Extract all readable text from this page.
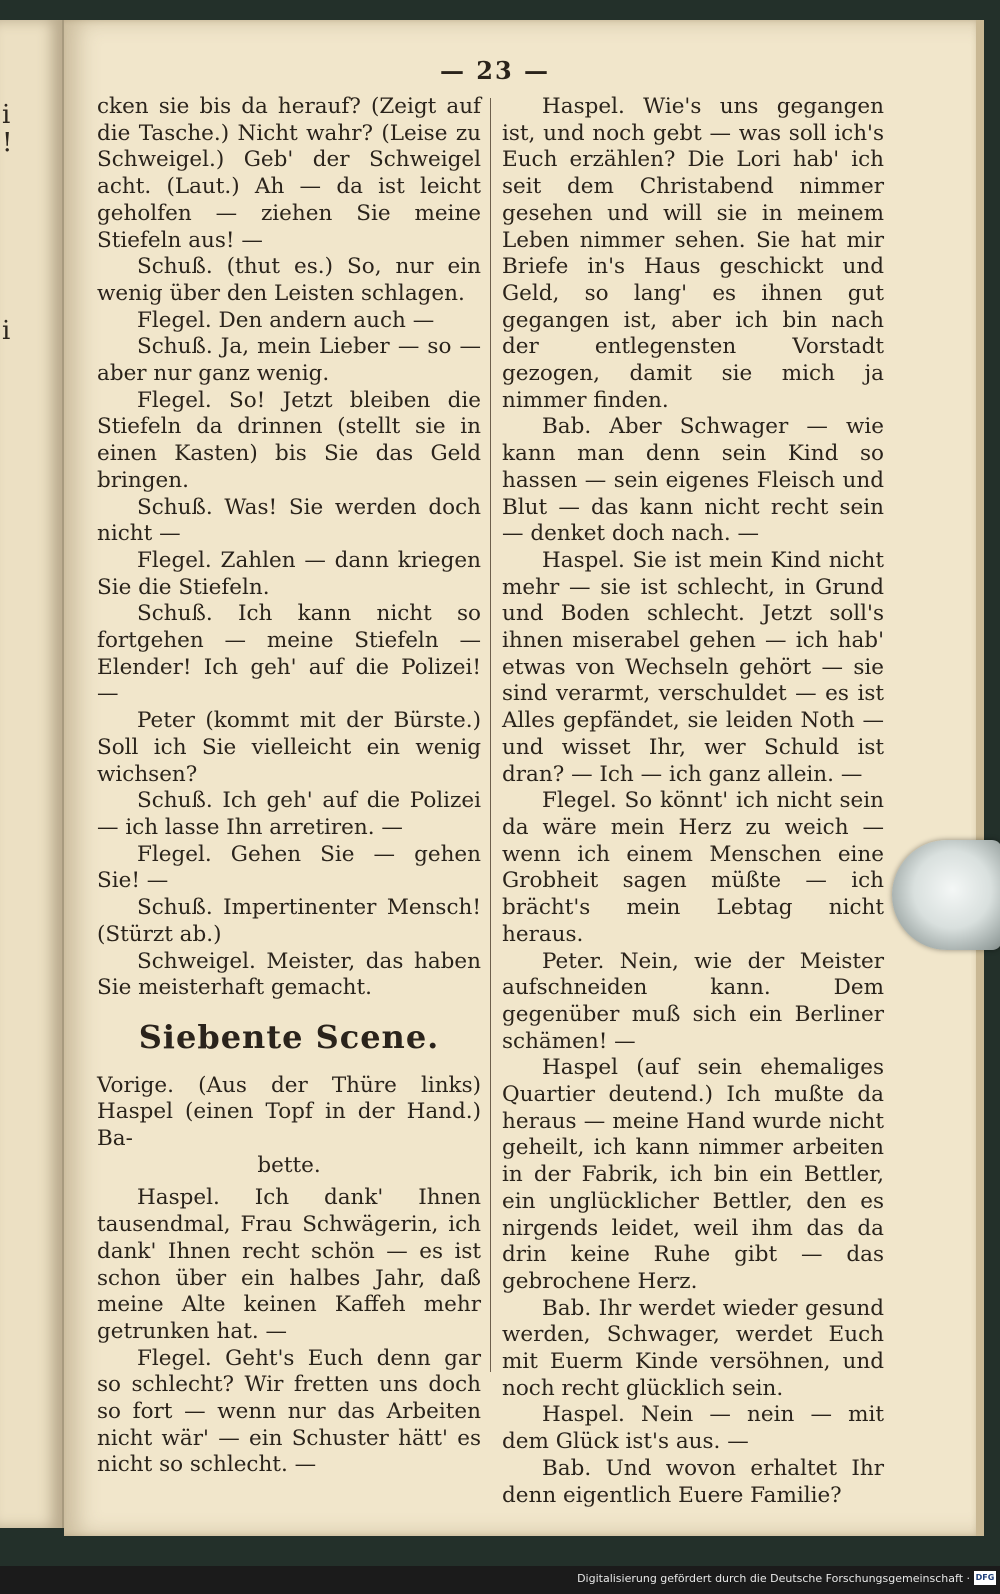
i
!
i
— 23 —

cken sie bis da herauf? (Zeigt auf die Tasche.) Nicht wahr? (Leise zu Schweigel.) Geb' der Schweigel acht. (Laut.) Ah — da ist leicht geholfen — ziehen Sie meine Stiefeln aus! —

Schuß. (thut es.) So, nur ein wenig über den Leisten schlagen.

Flegel. Den andern auch —

Schuß. Ja, mein Lieber — so — aber nur ganz wenig.

Flegel. So! Jetzt bleiben die Stiefeln da drinnen (stellt sie in einen Kasten) bis Sie das Geld bringen.

Schuß. Was! Sie werden doch nicht —

Flegel. Zahlen — dann kriegen Sie die Stiefeln.

Schuß. Ich kann nicht so fortgehen — meine Stiefeln — Elender! Ich geh' auf die Polizei! —

Peter (kommt mit der Bürste.) Soll ich Sie vielleicht ein wenig wichsen?

Schuß. Ich geh' auf die Polizei — ich lasse Ihn arretiren. —

Flegel. Gehen Sie — gehen Sie! —

Schuß. Impertinenter Mensch! (Stürzt ab.)

Schweigel. Meister, das haben Sie meisterhaft gemacht.

Siebente Scene.

Vorige. (Aus der Thüre links) Haspel (einen Topf in der Hand.) Ba-

bette.

Haspel. Ich dank' Ihnen tausendmal, Frau Schwägerin, ich dank' Ihnen recht schön — es ist schon über ein halbes Jahr, daß meine Alte keinen Kaffeh mehr getrunken hat. —

Flegel. Geht's Euch denn gar so schlecht? Wir fretten uns doch so fort — wenn nur das Arbeiten nicht wär' — ein Schuster hätt' es nicht so schlecht. —

Haspel. Wie's uns gegangen ist, und noch gebt — was soll ich's Euch erzählen? Die Lori hab' ich seit dem Christabend nimmer gesehen und will sie in meinem Leben nimmer sehen. Sie hat mir Briefe in's Haus geschickt und Geld, so lang' es ihnen gut gegangen ist, aber ich bin nach der entlegensten Vorstadt gezogen, damit sie mich ja nimmer finden.

Bab. Aber Schwager — wie kann man denn sein Kind so hassen — sein eigenes Fleisch und Blut — das kann nicht recht sein — denket doch nach. —

Haspel. Sie ist mein Kind nicht mehr — sie ist schlecht, in Grund und Boden schlecht. Jetzt soll's ihnen miserabel gehen — ich hab' etwas von Wechseln gehört — sie sind verarmt, verschuldet — es ist Alles gepfändet, sie leiden Noth — und wisset Ihr, wer Schuld ist dran? — Ich — ich ganz allein. —

Flegel. So könnt' ich nicht sein da wäre mein Herz zu weich — wenn ich einem Menschen eine Grobheit sagen müßte — ich brächt's mein Lebtag nicht heraus.

Peter. Nein, wie der Meister aufschneiden kann. Dem gegenüber muß sich ein Berliner schämen! —

Haspel (auf sein ehemaliges Quartier deutend.) Ich mußte da heraus — meine Hand wurde nicht geheilt, ich kann nimmer arbeiten in der Fabrik, ich bin ein Bettler, ein unglücklicher Bettler, den es nirgends leidet, weil ihm das da drin keine Ruhe gibt — das gebrochene Herz.

Bab. Ihr werdet wieder gesund werden, Schwager, werdet Euch mit Euerm Kinde versöhnen, und noch recht glücklich sein.

Haspel. Nein — nein — mit dem Glück ist's aus. —

Bab. Und wovon erhaltet Ihr denn eigentlich Euere Familie?

Digitalisierung gefördert durch die Deutsche Forschungsgemeinschaft · DFG
